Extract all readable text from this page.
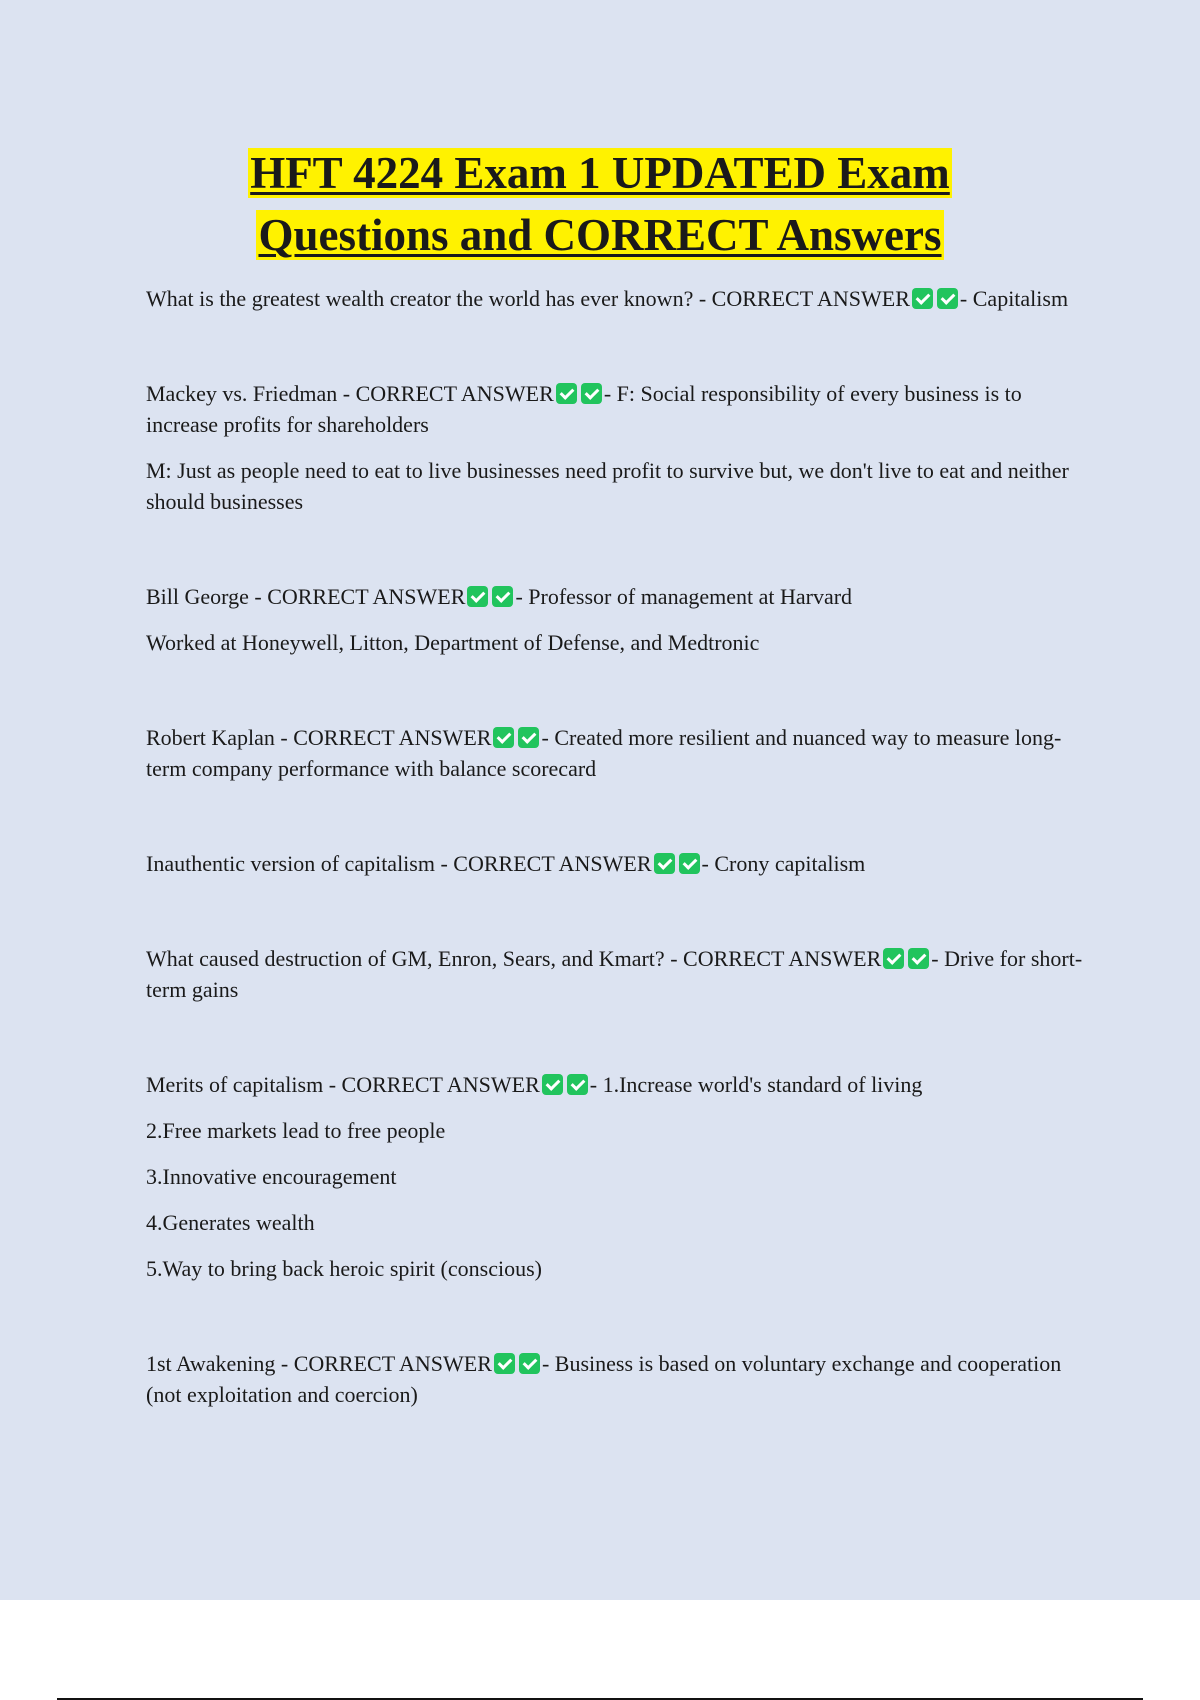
HFT 4224 Exam 1 UPDATED Exam
Questions and CORRECT Answers

What is the greatest wealth creator the world has ever known? - CORRECT ANSWER - Capitalism

Mackey vs. Friedman - CORRECT ANSWER - F: Social responsibility of every business is to increase profits for shareholders

M: Just as people need to eat to live businesses need profit to survive but, we don't live to eat and neither should businesses

Bill George - CORRECT ANSWER - Professor of management at Harvard

Worked at Honeywell, Litton, Department of Defense, and Medtronic

Robert Kaplan - CORRECT ANSWER - Created more resilient and nuanced way to measure long-term company performance with balance scorecard

Inauthentic version of capitalism - CORRECT ANSWER - Crony capitalism

What caused destruction of GM, Enron, Sears, and Kmart? - CORRECT ANSWER - Drive for short-term gains

Merits of capitalism - CORRECT ANSWER - 1.Increase world's standard of living

2.Free markets lead to free people

3.Innovative encouragement

4.Generates wealth

5.Way to bring back heroic spirit (conscious)

1st Awakening - CORRECT ANSWER - Business is based on voluntary exchange and cooperation (not exploitation and coercion)
